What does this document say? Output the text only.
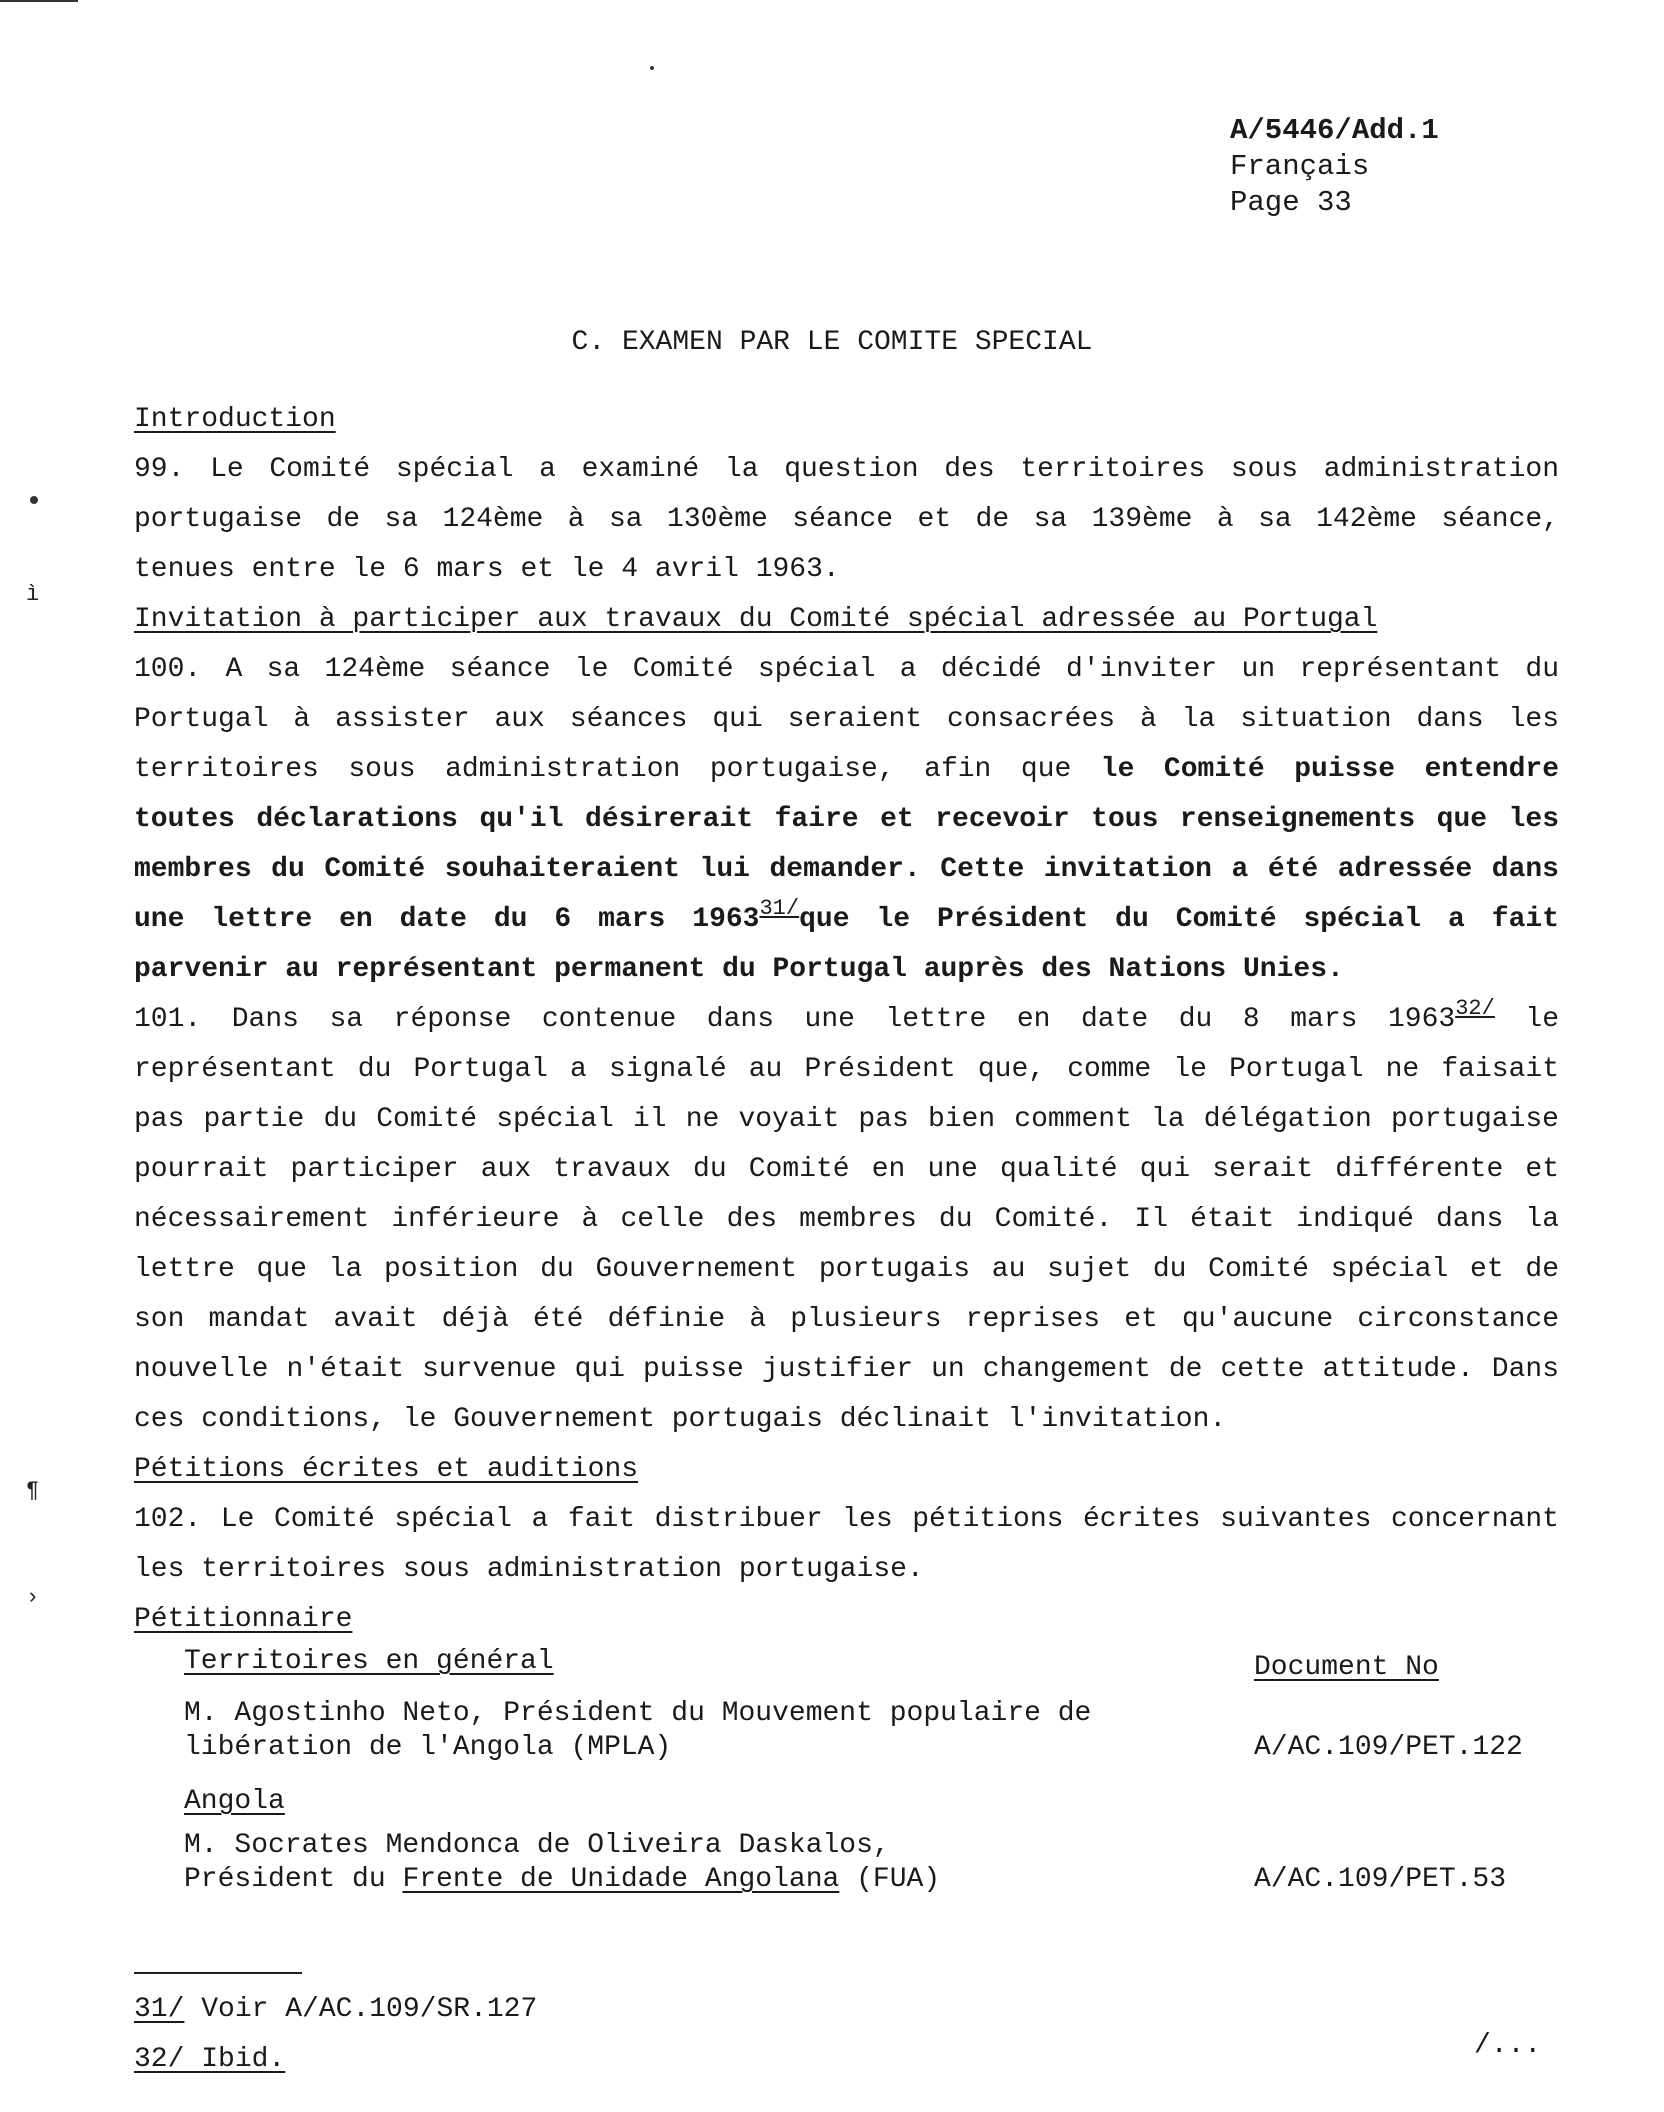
ì
¶
›
A/5446/Add.1
Français
Page 33
C. EXAMEN PAR LE COMITE SPECIAL
Introduction

99. Le Comité spécial a examiné la question des territoires sous administration portugaise de sa 124ème à sa 130ème séance et de sa 139ème à sa 142ème séance, tenues entre le 6 mars et le 4 avril 1963.

Invitation à participer aux travaux du Comité spécial adressée au Portugal

100. A sa 124ème séance le Comité spécial a décidé d'inviter un représentant du Portugal à assister aux séances qui seraient consacrées à la situation dans les territoires sous administration portugaise, afin que le Comité puisse entendre toutes déclarations qu'il désirerait faire et recevoir tous renseignements que les membres du Comité souhaiteraient lui demander. Cette invitation a été adressée dans une lettre en date du 6 mars $1963^{31/}que$ le Président du Comité spécial a fait parvenir au représentant permanent du Portugal auprès des Nations Unies.

101. Dans sa réponse contenue dans une lettre en date du 8 mars $1963^{32/}$ le représentant du Portugal a signalé au Président que, comme le Portugal ne faisait pas partie du Comité spécial il ne voyait pas bien comment la délégation portugaise pourrait participer aux travaux du Comité en une qualité qui serait différente et nécessairement inférieure à celle des membres du Comité. Il était indiqué dans la lettre que la position du Gouvernement portugais au sujet du Comité spécial et de son mandat avait déjà été définie à plusieurs reprises et qu'aucune circonstance nouvelle n'était survenue qui puisse justifier un changement de cette attitude. Dans ces conditions, le Gouvernement portugais déclinait l'invitation.

Pétitions écrites et auditions

102. Le Comité spécial a fait distribuer les pétitions écrites suivantes concernant les territoires sous administration portugaise.

Pétitionnaire
Territoires en général	Document No
M. Agostinho Neto, Président du Mouvement populaire de
libération de l'Angola (MPLA)	A/AC.109/PET.122
Angola
M. Socrates Mendonca de Oliveira Daskalos,
Président du Frente de Unidade Angolana (FUA)	A/AC.109/PET.53
31/ Voir A/AC.109/SR.127
32/ Ibid.	/...
